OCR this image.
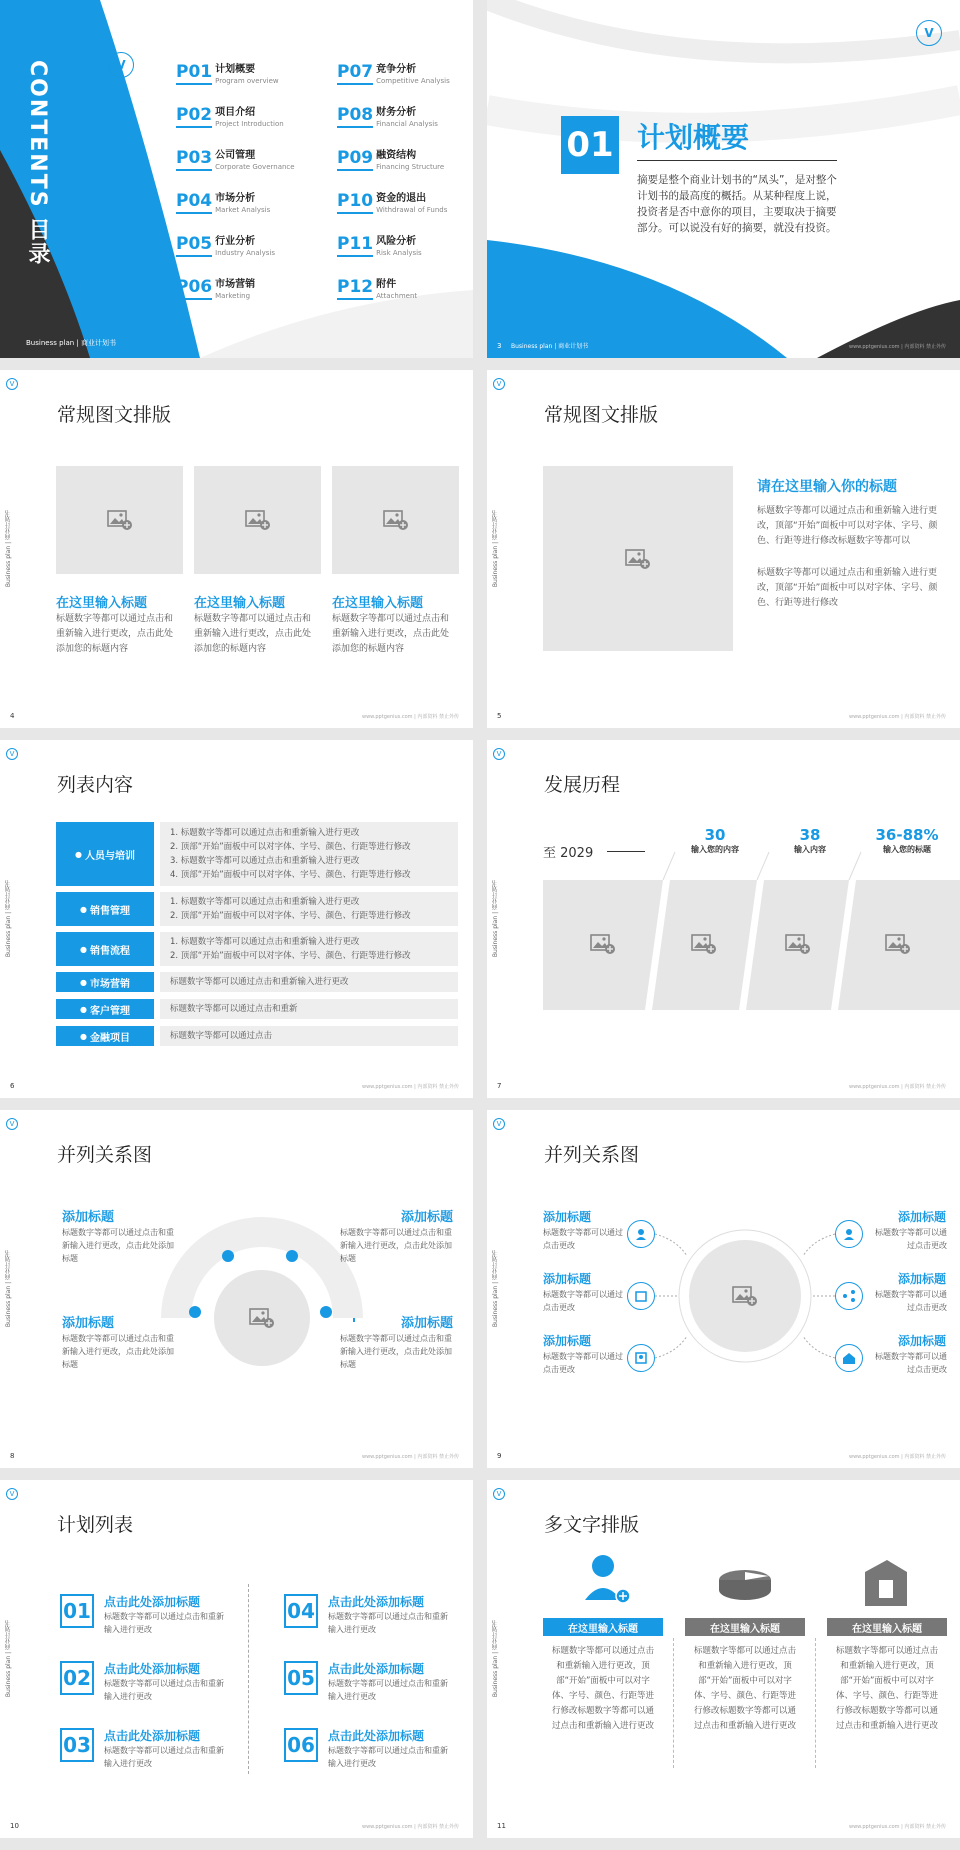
CONTENTS 目录	V	P01 计划概要
Program overview
P02 项目介绍
Project Introduction
P03 公司管理
Corporate Governance
P04 市场分析
Market Analysis
P05 行业分析
Industry Analysis
P06 市场营销
Marketing
P07 竞争分析
Competitive Analysis
P08 财务分析
Financial Analysis
P09 融资结构
Financing Structure
P10 资金的退出
Withdrawal of Funds
P11 风险分析
Risk Analysis
P12 附件
Attachment
Business plan | 商业计划书
V
01 计划概要
摘要是整个商业计划书的“凤头”，是对整个计划书的最高度的概括。从某种程度上说，投资者是否中意你的项目，主要取决于摘要部分。可以说没有好的摘要，就没有投资。
3 Business plan | 商业计划书	www.pptgenius.com | 内部资料 禁止外传
V
Business plan | 商业计划书
常规图文排版
在这里输入标题	在这里输入标题	在这里输入标题
标题数字等都可以通过点击和重新输入进行更改，点击此处添加您的标题内容
标题数字等都可以通过点击和重新输入进行更改，点击此处添加您的标题内容
标题数字等都可以通过点击和重新输入进行更改，点击此处添加您的标题内容
4	www.pptgenius.com | 内部资料 禁止外传
V
Business plan | 商业计划书
常规图文排版
请在这里输入你的标题
标题数字等都可以通过点击和重新输入进行更改，顶部“开始”面板中可以对字体、字号、颜色、行距等进行修改标题数字等都可以
标题数字等都可以通过点击和重新输入进行更改，顶部“开始”面板中可以对字体、字号、颜色、行距等进行修改
5	www.pptgenius.com | 内部资料 禁止外传
V
Business plan | 商业计划书
列表内容
● 人员与培训
1. 标题数字等都可以通过点击和重新输入进行更改
2. 顶部“开始”面板中可以对字体、字号、颜色、行距等进行修改
3. 标题数字等都可以通过点击和重新输入进行更改
4. 顶部“开始”面板中可以对字体、字号、颜色、行距等进行修改
● 销售管理
1. 标题数字等都可以通过点击和重新输入进行更改
2. 顶部“开始”面板中可以对字体、字号、颜色、行距等进行修改
● 销售流程
1. 标题数字等都可以通过点击和重新输入进行更改
2. 顶部“开始”面板中可以对字体、字号、颜色、行距等进行修改
● 市场营销	标题数字等都可以通过点击和重新输入进行更改
● 客户管理	标题数字等都可以通过点击和重新
● 金融项目	标题数字等都可以通过点击
6	www.pptgenius.com | 内部资料 禁止外传
V
Business plan | 商业计划书
发展历程
至 2029
30
输入您的内容
38
输入内容
36-88%
输入您的标题
7	www.pptgenius.com | 内部资料 禁止外传
V
Business plan | 商业计划书
并列关系图
添加标题
标题数字等都可以通过点击和重新输入进行更改，点击此处添加标题
添加标题
标题数字等都可以通过点击和重新输入进行更改，点击此处添加标题
添加标题
标题数字等都可以通过点击和重新输入进行更改，点击此处添加标题
添加标题
标题数字等都可以通过点击和重新输入进行更改，点击此处添加标题
8	www.pptgenius.com | 内部资料 禁止外传
V
Business plan | 商业计划书
并列关系图
添加标题
标题数字等都可以通过点击更改
添加标题
标题数字等都可以通过点击更改
添加标题
标题数字等都可以通过点击更改
添加标题
标题数字等都可以通过点击更改
添加标题
标题数字等都可以通过点击更改
添加标题
标题数字等都可以通过点击更改
9	www.pptgenius.com | 内部资料 禁止外传
V
Business plan | 商业计划书
计划列表
01 点击此处添加标题
标题数字等都可以通过点击和重新输入进行更改
02 点击此处添加标题
标题数字等都可以通过点击和重新输入进行更改
03 点击此处添加标题
标题数字等都可以通过点击和重新输入进行更改
04 点击此处添加标题
标题数字等都可以通过点击和重新输入进行更改
05 点击此处添加标题
标题数字等都可以通过点击和重新输入进行更改
06 点击此处添加标题
标题数字等都可以通过点击和重新输入进行更改
10	www.pptgenius.com | 内部资料 禁止外传
V
Business plan | 商业计划书
多文字排版
在这里输入标题	在这里输入标题	在这里输入标题
标题数字等都可以通过点击和重新输入进行更改，顶部“开始”面板中可以对字体、字号、颜色、行距等进行修改标题数字等都可以通过点击和重新输入进行更改
标题数字等都可以通过点击和重新输入进行更改，顶部“开始”面板中可以对字体、字号、颜色、行距等进行修改标题数字等都可以通过点击和重新输入进行更改
标题数字等都可以通过点击和重新输入进行更改，顶部“开始”面板中可以对字体、字号、颜色、行距等进行修改标题数字等都可以通过点击和重新输入进行更改
11	www.pptgenius.com | 内部资料 禁止外传
